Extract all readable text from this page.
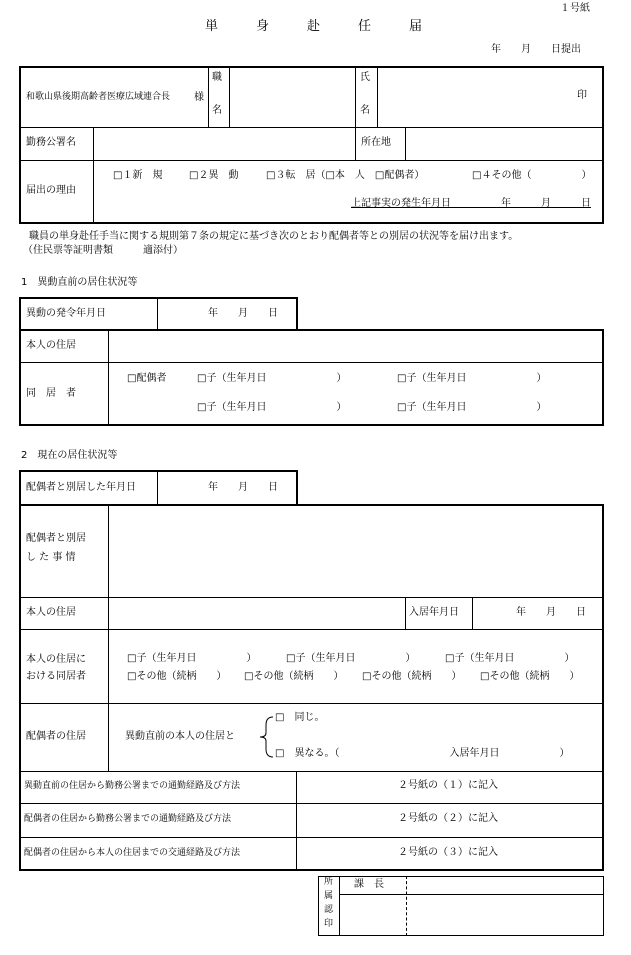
１号紙
単身赴任届
年　　月　　日提出
和歌山県後期高齢者医療広域連合長 様
職
名
氏
名
印
勤務公署名	所在地
届出の理由
□１新　規	□２異　動	□３転　居（□本　人　□配偶者）	□４その他（　　　　　）
上記事実の発生年月日　　　　　年　　　月　　　日
職員の単身赴任手当に関する規則第７条の規定に基づき次のとおり配偶者等との別居の状況等を届け出ます。
（住民票等証明書類　　　適添付）
1　異動直前の居住状況等
異動の発令年月日	年　　月　　日
本人の住居
同　居　者
□配偶者	□子（生年月日　　　　　　　）	□子（生年月日　　　　　　　）
□子（生年月日　　　　　　　）	□子（生年月日　　　　　　　）
2　現在の居住状況等
配偶者と別居した年月日	年　　月　　日
配偶者と別居
し た 事 情
本人の住居	入居年月日	年　　月　　日
本人の住居に
おける同居者
□子（生年月日　　　　　）	□子（生年月日　　　　　）	□子（生年月日　　　　　）
□その他（続柄　　） □その他（続柄　　） □その他（続柄　　） □その他（続柄　　）
配偶者の住居	異動直前の本人の住居と
□　同じ。
□　異なる。（　　　　　　　　　　　入居年月日　　　　　　）
異動直前の住居から勤務公署までの通勤経路及び方法	２号紙の（１）に記入
配偶者の住居から勤務公署までの通勤経路及び方法	２号紙の（２）に記入
配偶者の住居から本人の住居までの交通経路及び方法	２号紙の（３）に記入
所
属
認
印
課　長
